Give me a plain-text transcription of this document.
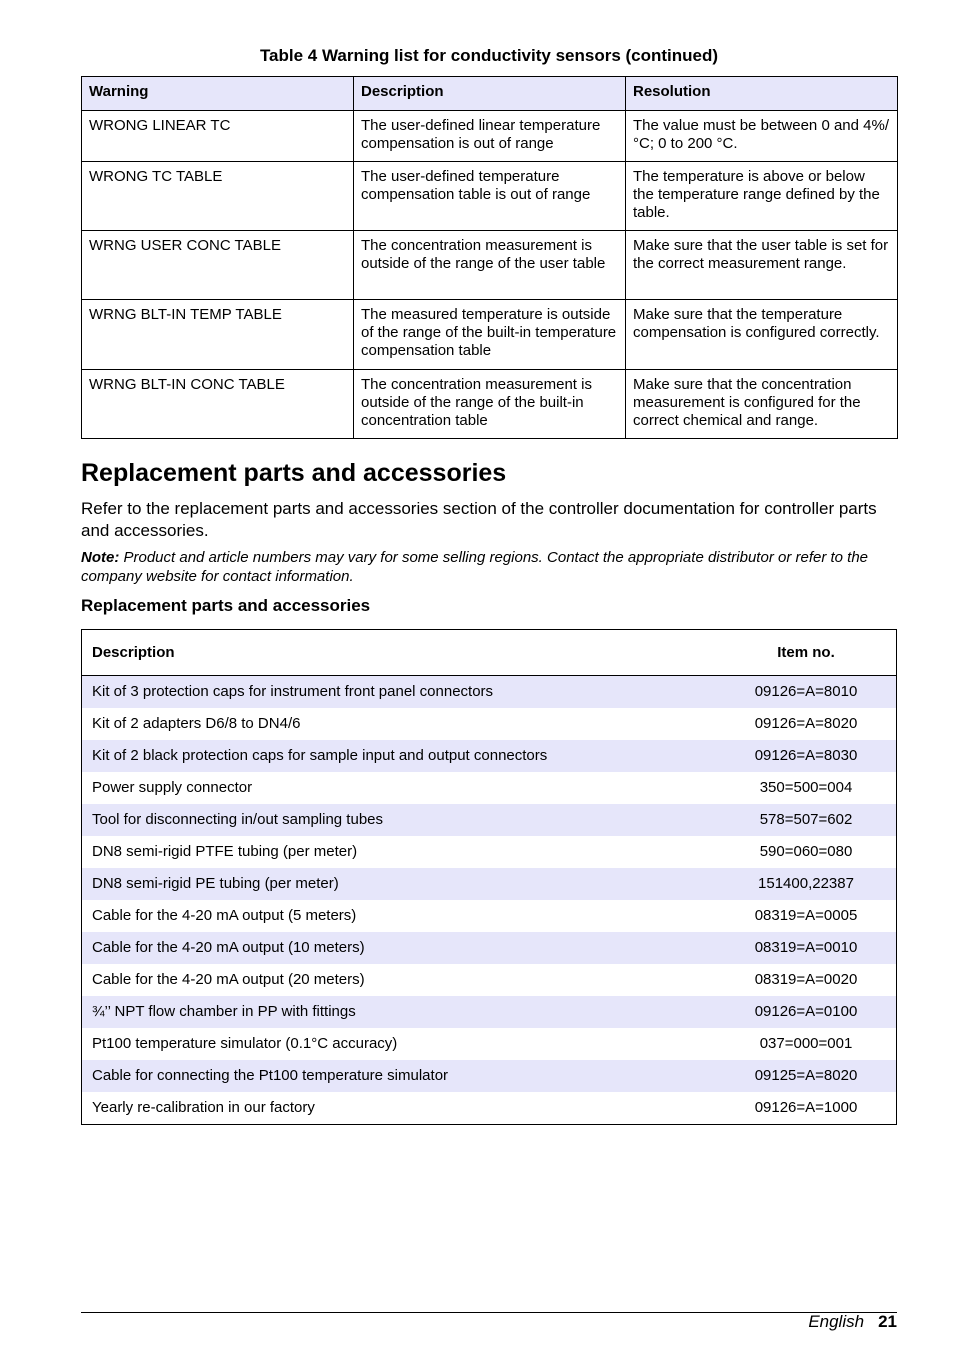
Table 4 Warning list for conductivity sensors (continued)
Warning	Description	Resolution
WRONG LINEAR TC	The user-defined linear temperature compensation is out of range	The value must be between 0 and 4%/°C; 0 to 200 °C.
WRONG TC TABLE	The user-defined temperature compensation table is out of range	The temperature is above or below the temperature range defined by the table.
WRNG USER CONC TABLE	The concentration measurement is outside of the range of the user table	Make sure that the user table is set for the correct measurement range.
WRNG BLT-IN TEMP TABLE	The measured temperature is outside of the range of the built-in temperature compensation table	Make sure that the temperature compensation is configured correctly.
WRNG BLT-IN CONC TABLE	The concentration measurement is outside of the range of the built-in concentration table	Make sure that the concentration measurement is configured for the correct chemical and range.
Replacement parts and accessories

Refer to the replacement parts and accessories section of the controller documentation for controller parts and accessories.

Note: Product and article numbers may vary for some selling regions. Contact the appropriate distributor or refer to the company website for contact information.

Replacement parts and accessories
Description	Item no.
Kit of 3 protection caps for instrument front panel connectors	09126=A=8010
Kit of 2 adapters D6/8 to DN4/6	09126=A=8020
Kit of 2 black protection caps for sample input and output connectors	09126=A=8030
Power supply connector	350=500=004
Tool for disconnecting in/out sampling tubes	578=507=602
DN8 semi-rigid PTFE tubing (per meter)	590=060=080
DN8 semi-rigid PE tubing (per meter)	151400,22387
Cable for the 4-20 mA output (5 meters)	08319=A=0005
Cable for the 4-20 mA output (10 meters)	08319=A=0010
Cable for the 4-20 mA output (20 meters)	08319=A=0020
¾’’ NPT flow chamber in PP with fittings	09126=A=0100
Pt100 temperature simulator (0.1°C accuracy)	037=000=001
Cable for connecting the Pt100 temperature simulator	09125=A=8020
Yearly re-calibration in our factory	09126=A=1000
English 21
